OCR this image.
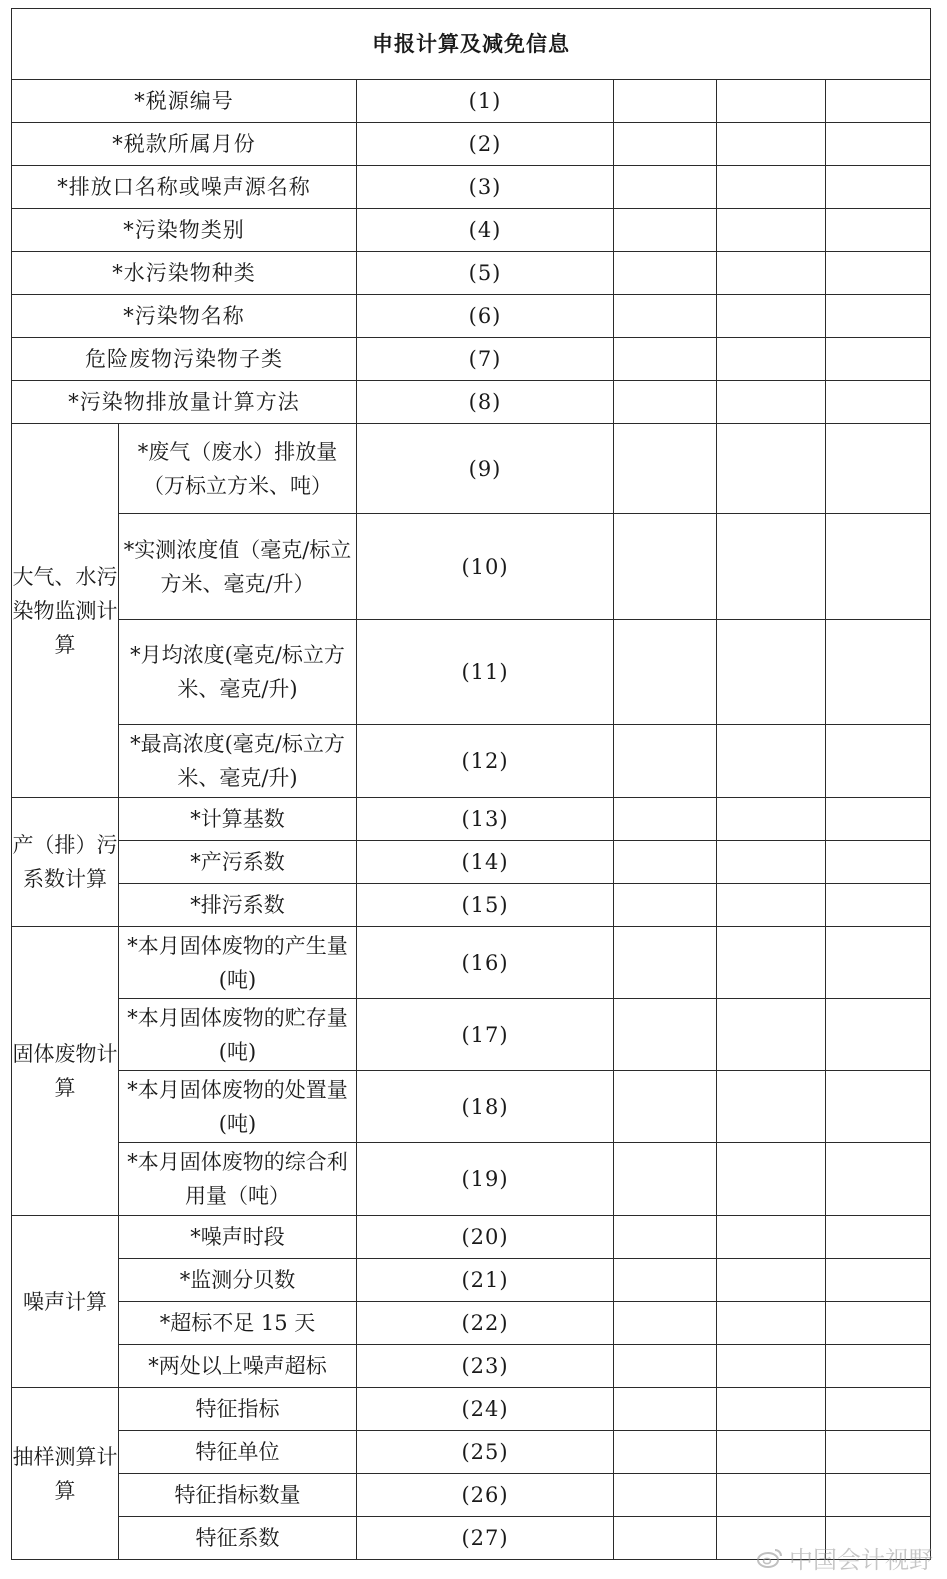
申报计算及减免信息					
*税源编号		(1)			
*税款所属月份		(2)			
*排放口名称或噪声源名称		(3)			
*污染物类别		(4)			
*水污染物种类		(5)			
*污染物名称		(6)			
危险废物污染物子类		(7)			
*污染物排放量计算方法		(8)			
大气、水污染物监测计算	*废气（废水）排放量（万标立方米、吨）	(9)			
	*实测浓度值（毫克/标立方米、毫克/升）	(10)			
	*月均浓度(毫克/标立方米、毫克/升)	(11)			
	*最高浓度(毫克/标立方米、毫克/升)	(12)			
产（排）污系数计算	*计算基数	(13)			
	*产污系数	(14)			
	*排污系数	(15)			
固体废物计算	*本月固体废物的产生量(吨)	(16)			
	*本月固体废物的贮存量(吨)	(17)			
	*本月固体废物的处置量(吨)	(18)			
	*本月固体废物的综合利用量（吨）	(19)			
噪声计算	*噪声时段	(20)			
	*监测分贝数	(21)			
	*超标不足 15 天	(22)			
	*两处以上噪声超标	(23)			
抽样测算计算	特征指标	(24)			
	特征单位	(25)			
	特征指标数量	(26)			
	特征系数	(27)			
中国会计视野
